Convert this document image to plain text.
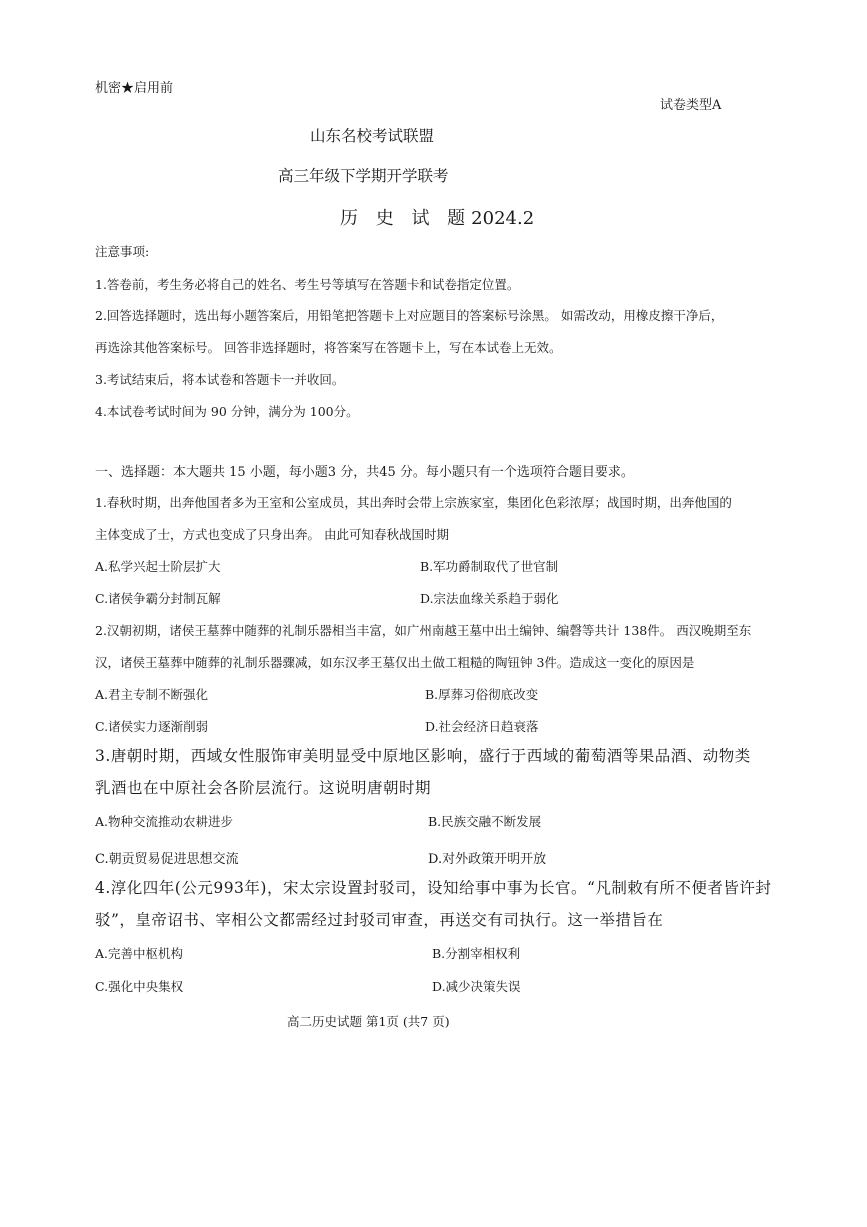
机密★启用前
试卷类型A
山东名校考试联盟
高三年级下学期开学联考
历 史 试 题2024.2
注意事项:
1.答卷前，考生务必将自己的姓名、考生号等填写在答题卡和试卷指定位置。
2.回答选择题时，选出每小题答案后，用铅笔把答题卡上对应题目的答案标号涂黑。 如需改动，用橡皮擦干净后，
再选涂其他答案标号。 回答非选择题时，将答案写在答题卡上，写在本试卷上无效。
3.考试结束后，将本试卷和答题卡一并收回。
4.本试卷考试时间为 90 分钟，满分为 100分。
一、选择题：本大题共 15 小题，每小题3 分，共45 分。每小题只有一个选项符合题目要求。
1.春秋时期，出奔他国者多为王室和公室成员，其出奔时会带上宗族家室，集团化色彩浓厚；战国时期，出奔他国的
主体变成了士，方式也变成了只身出奔。 由此可知春秋战国时期
A.私学兴起士阶层扩大	B.军功爵制取代了世官制
C.诸侯争霸分封制瓦解	D.宗法血缘关系趋于弱化
2.汉朝初期，诸侯王墓葬中随葬的礼制乐器相当丰富，如广州南越王墓中出土编钟、编磬等共计 138件。 西汉晚期至东
汉，诸侯王墓葬中随葬的礼制乐器骤减，如东汉孝王墓仅出土做工粗糙的陶钮钟 3件。造成这一变化的原因是
A.君主专制不断强化	B.厚葬习俗彻底改变
C.诸侯实力逐渐削弱	D.社会经济日趋衰落
3.唐朝时期，西域女性服饰审美明显受中原地区影响，盛行于西域的葡萄酒等果品酒、动物类
乳酒也在中原社会各阶层流行。这说明唐朝时期
A.物种交流推动农耕进步	B.民族交融不断发展
C.朝贡贸易促进思想交流	D.对外政策开明开放
4.淳化四年(公元993年)，宋太宗设置封驳司，设知给事中事为长官。“凡制敕有所不便者皆许封
驳”，皇帝诏书、宰相公文都需经过封驳司审查，再送交有司执行。这一举措旨在
A.完善中枢机构	B.分割宰相权利
C.强化中央集权	D.减少决策失误
高二历史试题 第1页 (共7 页)
